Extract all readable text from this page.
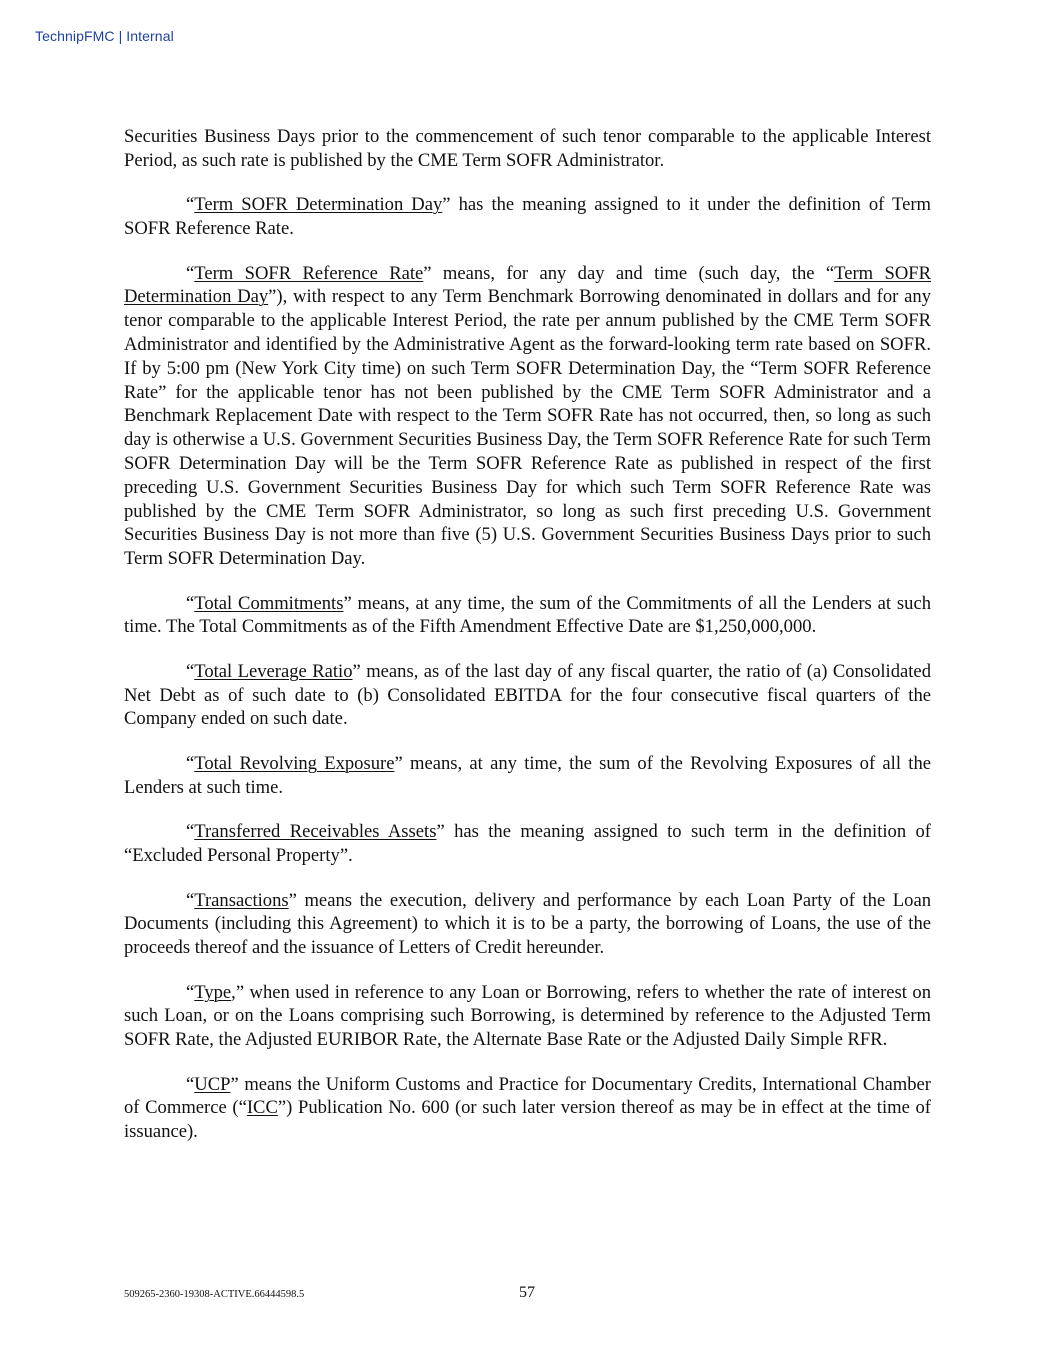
TechnipFMC | Internal

Securities Business Days prior to the commencement of such tenor comparable to the applicable Interest Period, as such rate is published by the CME Term SOFR Administrator.

“Term SOFR Determination Day” has the meaning assigned to it under the definition of Term SOFR Reference Rate.

“Term SOFR Reference Rate” means, for any day and time (such day, the “Term SOFR Determination Day”), with respect to any Term Benchmark Borrowing denominated in dollars and for any tenor comparable to the applicable Interest Period, the rate per annum published by the CME Term SOFR Administrator and identified by the Administrative Agent as the forward-looking term rate based on SOFR. If by 5:00 pm (New York City time) on such Term SOFR Determination Day, the “Term SOFR Reference Rate” for the applicable tenor has not been published by the CME Term SOFR Administrator and a Benchmark Replacement Date with respect to the Term SOFR Rate has not occurred, then, so long as such day is otherwise a U.S. Government Securities Business Day, the Term SOFR Reference Rate for such Term SOFR Determination Day will be the Term SOFR Reference Rate as published in respect of the first preceding U.S. Government Securities Business Day for which such Term SOFR Reference Rate was published by the CME Term SOFR Administrator, so long as such first preceding U.S. Government Securities Business Day is not more than five (5) U.S. Government Securities Business Days prior to such Term SOFR Determination Day.

“Total Commitments” means, at any time, the sum of the Commitments of all the Lenders at such time. The Total Commitments as of the Fifth Amendment Effective Date are $1,250,000,000.

“Total Leverage Ratio” means, as of the last day of any fiscal quarter, the ratio of (a) Consolidated Net Debt as of such date to (b) Consolidated EBITDA for the four consecutive fiscal quarters of the Company ended on such date.

“Total Revolving Exposure” means, at any time, the sum of the Revolving Exposures of all the Lenders at such time.

“Transferred Receivables Assets” has the meaning assigned to such term in the definition of “Excluded Personal Property”.

“Transactions” means the execution, delivery and performance by each Loan Party of the Loan Documents (including this Agreement) to which it is to be a party, the borrowing of Loans, the use of the proceeds thereof and the issuance of Letters of Credit hereunder.

“Type,” when used in reference to any Loan or Borrowing, refers to whether the rate of interest on such Loan, or on the Loans comprising such Borrowing, is determined by reference to the Adjusted Term SOFR Rate, the Adjusted EURIBOR Rate, the Alternate Base Rate or the Adjusted Daily Simple RFR.

“UCP” means the Uniform Customs and Practice for Documentary Credits, International Chamber of Commerce (“ICC”) Publication No. 600 (or such later version thereof as may be in effect at the time of issuance).

509265-2360-19308-ACTIVE.66444598.5	57
